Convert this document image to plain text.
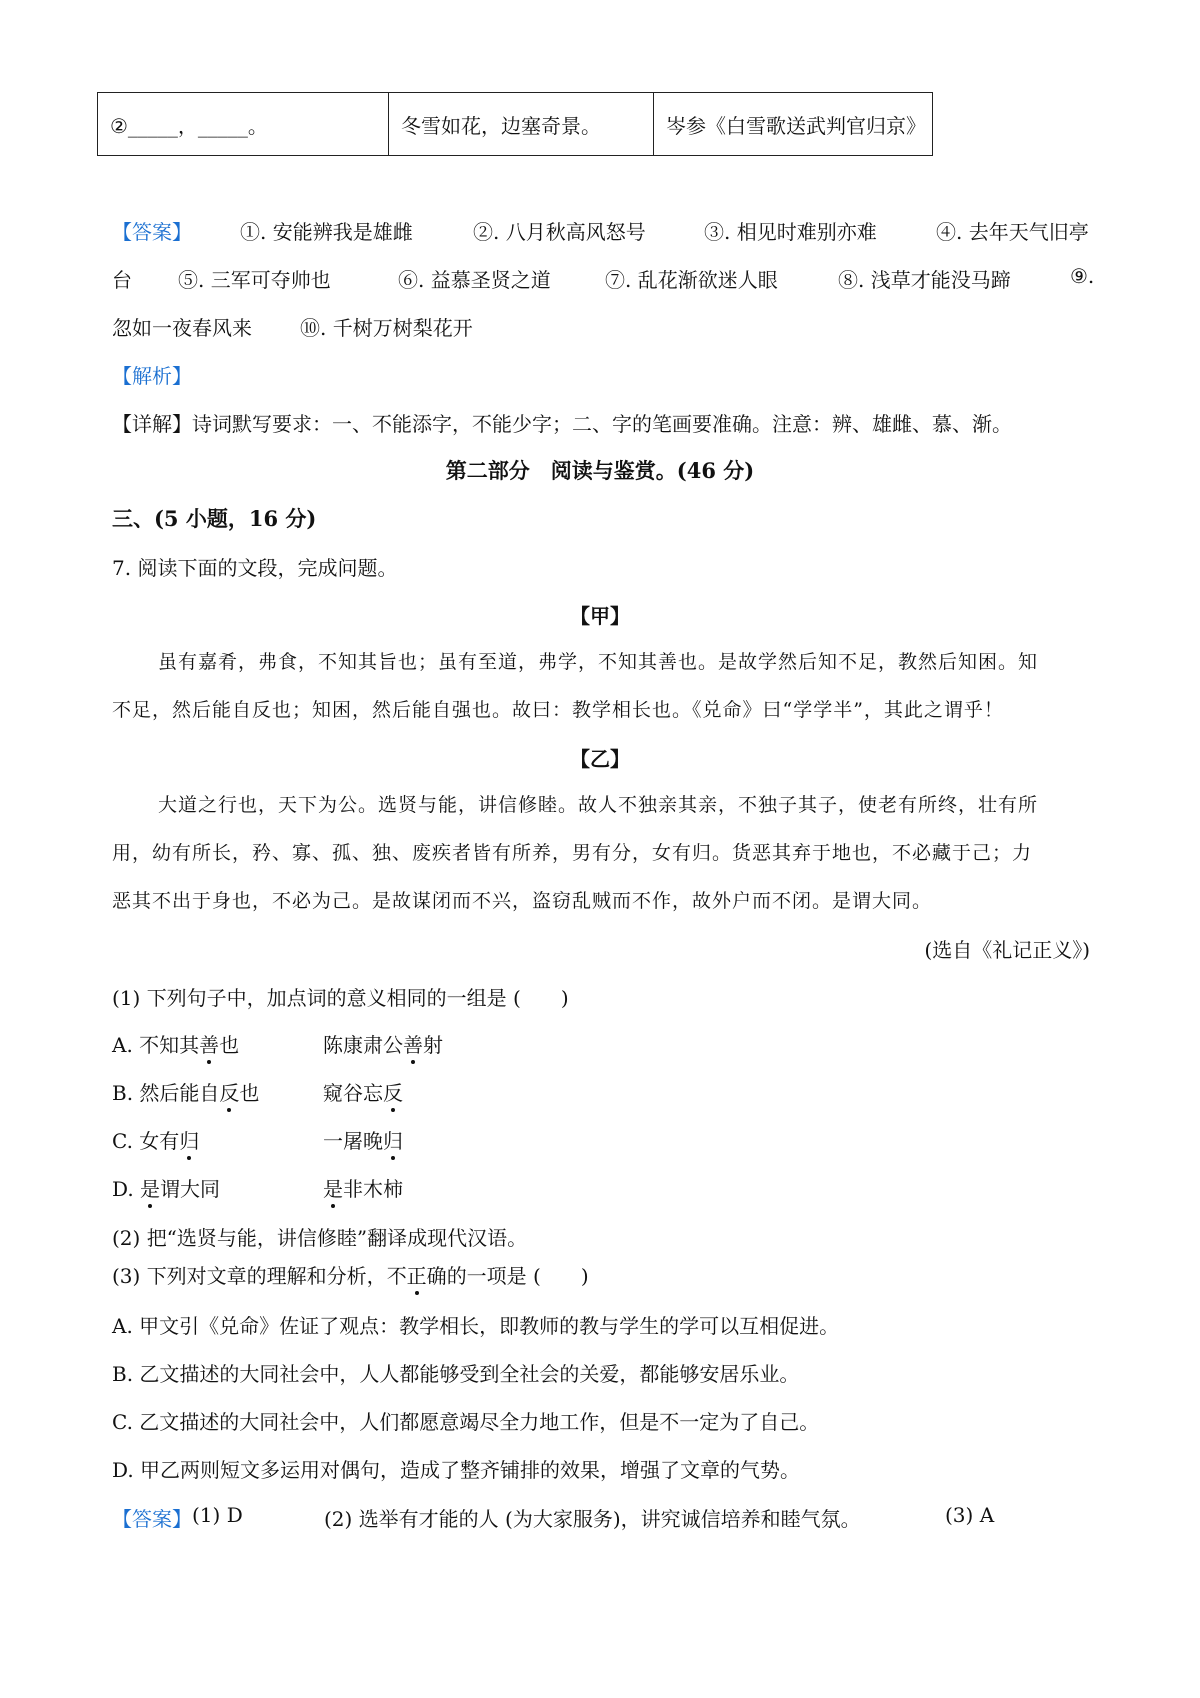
②_____，_____。	冬雪如花，边塞奇景。	岑参《白雪歌送武判官归京》
【答案】 ①. 安能辨我是雄雌	②. 八月秋高风怒号	③. 相见时难别亦难	④. 去年天气旧亭
台 ⑤. 三军可夺帅也	⑥. 益慕圣贤之道	⑦. 乱花渐欲迷人眼	⑧. 浅草才能没马蹄	⑨.
忽如一夜春风来 ⑩. 千树万树梨花开
【解析】
【详解】诗词默写要求：一、不能添字，不能少字；二、字的笔画要准确。注意：辨、雄雌、慕、渐。
第二部分　阅读与鉴赏。(46 分)
三、(5 小题，16 分)
7. 阅读下面的文段，完成问题。
【甲】
虽有嘉肴，弗食，不知其旨也；虽有至道，弗学，不知其善也。是故学然后知不足，教然后知困。知
不足，然后能自反也；知困，然后能自强也。故曰：教学相长也。《兑命》曰“学学半”，其此之谓乎！
【乙】
大道之行也，天下为公。选贤与能，讲信修睦。故人不独亲其亲，不独子其子，使老有所终，壮有所
用，幼有所长，矜、寡、孤、独、废疾者皆有所养，男有分，女有归。货恶其弃于地也，不必藏于己；力
恶其不出于身也，不必为己。是故谋闭而不兴，盗窃乱贼而不作，故外户而不闭。是谓大同。
(选自《礼记正义》)
(1) 下列句子中，加点词的意义相同的一组是 (　　)
A. 不知其善也	陈康肃公善射
B. 然后能自反也	窥谷忘反
C. 女有归	一屠晚归
D. 是谓大同	是非木柿
(2) 把“选贤与能，讲信修睦”翻译成现代汉语。
(3) 下列对文章的理解和分析，不正确的一项是 (　　)
A. 甲文引《兑命》佐证了观点：教学相长，即教师的教与学生的学可以互相促进。
B. 乙文描述的大同社会中，人人都能够受到全社会的关爱，都能够安居乐业。
C. 乙文描述的大同社会中，人们都愿意竭尽全力地工作，但是不一定为了自己。
D. 甲乙两则短文多运用对偶句，造成了整齐铺排的效果，增强了文章的气势。
【答案】 (1) D	(2) 选举有才能的人 (为大家服务)，讲究诚信培养和睦气氛。	(3) A
